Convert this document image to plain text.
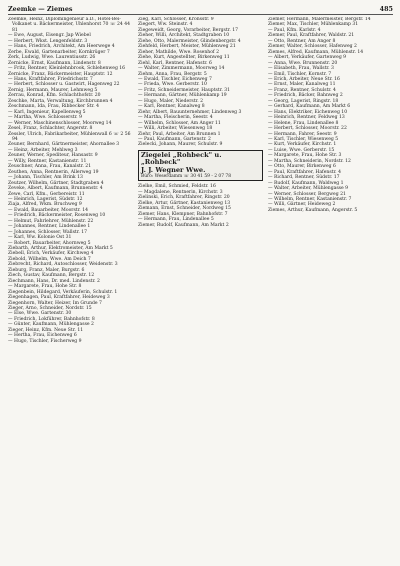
Zeemke — Ziemes	485
Zeemke, Heinz, Diplomingenieur a.D., Hotel-Bei-Volkanet u. Bäckermeister, Uhlenhorst 70 ☏ 24 44 81
— Ewe, August, Eisengr. Jap Wiebel
— Herbert, Wkst. Lengenfeldstr. 3
— Hans, Friedrich, Architekt, Am Heerwege 4
Zerbe, Ewald, Gartenarbeiter, Kornkrüger 7
Zerk, Ludwig, Wwe. Laurentiusstr. 26
Zernicke, Ernst, Kaufmann, Lindenstr. 8
— Fritz, Rentner, Kleinlehnbrook, Schlehenweg 16
Zernicke, Franz, Bäckermeister, Hauptstr. 12
— Hans, Kraftfahrer, Friedrichsstr. 7
— Herbert, Schlosser u. Gastwirt, Hagenweg 22
Zernig, Hermann, Maurer, Lehmweg 5
Zerrau, Konrad, Kfm. Schlachthofstr. 20
Zeschke, Marta, Verwaltung, Kirchbrunnen 4
Zeschmann, Ida, Frau, Ribbecker Str. 4
— Karl, Ingenieur, Kapellenweg 5
— Martha, Wwe. Schlosserstr. 9
— Werner, Maschinenschlosser, Moorweg 14
Zesel, Franz, Schlachter, Angerstr. 8
Zessler, Ulrich, Fabrikarbeiter, Mühlenwall 6 ☏ 2 56 94
Zeuner, Bernhard, Gärtnermeister, Ahornallee 3
— Heinz, Arbeiter, Mehlweg 3
Zeuner, Werner, Spediteur, Hansastr. 9
— Willy, Rentner, Kastanienstr. 11
Zeuschner, Anna, Frau, Kanalstr. 21
Zeuthen, Anna, Rentnerin, Allerweg 19
— Johann, Tischler, Am Brink 13
Zeutzer, Wilhelm, Gärtner, Stadtgraben 4
Zeveke, Albert, Kaufmann, Brunnenstr. 4
Zewe, Carl, Kfm., Gerbereistr. 11
— Heinrich, Lagerist, Südstr. 12
Ziaja, Alfred, Wkm. Bruchweg 9
— Ewald, Bauarbeiter, Moorstr. 14
— Friedrich, Bäckermeister, Rosenweg 10
— Helmut, Fahrlehrer, Mühlenstr. 22
— Johannes, Rentner, Lindenallee 1
— Johannes, Schlosser, Wallstr. 17
— Karl, Ww. Kolonie Ost 31
— Robert, Bauarbeiter, Ahornweg 5
Ziebarth, Arthur, Elektromeister, Am Markt 5
Ziebell, Erich, Verkäufer, Kirchweg 4
Ziebold, Wilhelm, Wwe. Am Deich 7
Ziebrecht, Richard, Autoschlosser, Weidenstr. 3
Zieburg, Franz, Maler, Burgstr. 6
Ziech, Gustav, Kaufmann, Bergstr. 12
Ziechmann, Hans, Dr. med. Lindenstr. 2
— Margarete, Frau, Hohe Str. 8
Ziegenbein, Hildegard, Verkäuferin, Schulstr. 1
Ziegenhagen, Paul, Kraftfahrer, Heideweg 3
Ziegenhorn, Walter, Heizer, Im Grunde 7
Zieger, Arno, Schneider, Nordstr. 15
— Else, Wwe. Gartenstr. 30
— Friedrich, Lokführer, Bahnhofstr. 8
— Günter, Kaufmann, Mühlengasse 2
Zieger, Heinz, Kfm. Neue Str. 11
— Hertha, Frau, Eichenweg 6
— Hugo, Tischler, Fischerweg 9
Zieg, Karl, Schlosser, Kronsstr. 9
Ziegert, Ww. Steinstr. 4
Ziegeweidt, Georg, Vorarbeiter, Bergstr. 17
Zieher, Willi, Architekt, Stadtgraben 10
Ziehe, Otto, Malermeister, Glindenbergstr. 4
Ziehfeld, Herbert, Meister, Mühlenweg 21
Zieher, Mathilde, Wwe. Rosenhof 2
Ziehe, Kurt, Angestellter, Birkenweg 11
Ziehl, Karl, Rentner, Hafenstr. 6
— Walter, Zimmermann, Moorweg 14
Ziehm, Anna, Frau, Bergstr. 5
— Ewald, Tischler, Eichenweg 7
— Frieda, Wwe. Gerberstr. 10
— Fritz, Schneidermeister, Hauptstr. 31
— Hermann, Gärtner, Mühlenkamp 19
— Hugo, Maler, Niederstr. 2
— Karl, Rentner, Kanalweg 8
Ziehr, Albert, Bauunternehmer, Lindenweg 3
— Martha, Fleischerin, Seestr. 4
— Wilhelm, Schlosser, Am Anger 11
— Willi, Arbeiter, Wiesenweg 18
Ziehr, Paul, Arbeiter, Am Brunnen 1
— Paul, Kaufmann, Gartenstr. 2
Zielecki, Johann, Maurer, Schulstr. 9
Ziegelei „Rohbeck" u. „Rohbeck"
J. J. Wegner Wwe.
Büro: Weserdamm ☏ 30 41 59 - 2 07 78
Zielke, Emil, Schmied, Feldstr. 16
— Magdalene, Rentnerin, Kirchstr. 3
Zielinski, Erich, Kraftfahrer, Ringstr. 20
Zielke, Artur, Gärtner, Kastanienweg 13
Ziemann, Ernst, Schneider, Nordweg 15
Ziemer, Hans, Klempner, Bahnhofstr. 7
— Hermann, Frau, Lindenallee 5
Ziemer, Rudolf, Kaufmann, Am Markt 2
Ziemer, Hermann, Malermeister, Bergstr. 14
Ziemer, Max, Tischler, Mühlenkamp 31
— Paul, Kfm. Karlstr. 4
Ziemer, Paul, Kraftfahrer, Waldstr. 21
— Otto, Rentner, Am Anger 8
Ziemer, Walter, Schlosser, Hafenweg 2
Ziemes, Alfred, Kaufmann, Mühlenstr. 14
— Albert, Verkäufer, Gartenweg 9
— Anna, Wwe. Brunnenstr. 20
— Elisabeth, Frau, Wallstr. 3
— Emil, Tischler, Kornstr. 7
— Erich, Arbeiter, Neue Str. 16
— Ernst, Maler, Kanalweg 11
— Franz, Rentner, Schulstr. 4
— Friedrich, Bäcker, Bahnweg 2
— Georg, Lagerist, Ringstr. 18
— Gerhard, Kaufmann, Am Markt 6
— Hans, Elektriker, Eichenweg 10
— Heinrich, Rentner, Feldweg 13
— Helene, Frau, Lindenallee 8
— Herbert, Schlosser, Moorstr. 22
— Hermann, Fahrer, Seestr. 9
— Karl, Tischler, Wiesenweg 5
— Kurt, Verkäufer, Kirchstr. 1
— Luise, Wwe. Gerberstr. 15
— Margarete, Frau, Hohe Str. 3
— Martha, Schneiderin, Nordstr. 12
— Otto, Maurer, Birkenweg 6
— Paul, Kraftfahrer, Hafenstr. 4
— Richard, Rentner, Südstr. 17
— Rudolf, Kaufmann, Waldweg 1
— Walter, Arbeiter, Mühlengasse 9
— Werner, Schlosser, Bergweg 21
— Wilhelm, Rentner, Kastanienstr. 7
— Willi, Gärtner, Heideweg 2
Ziemes, Arthur, Kaufmann, Angerstr. 5
